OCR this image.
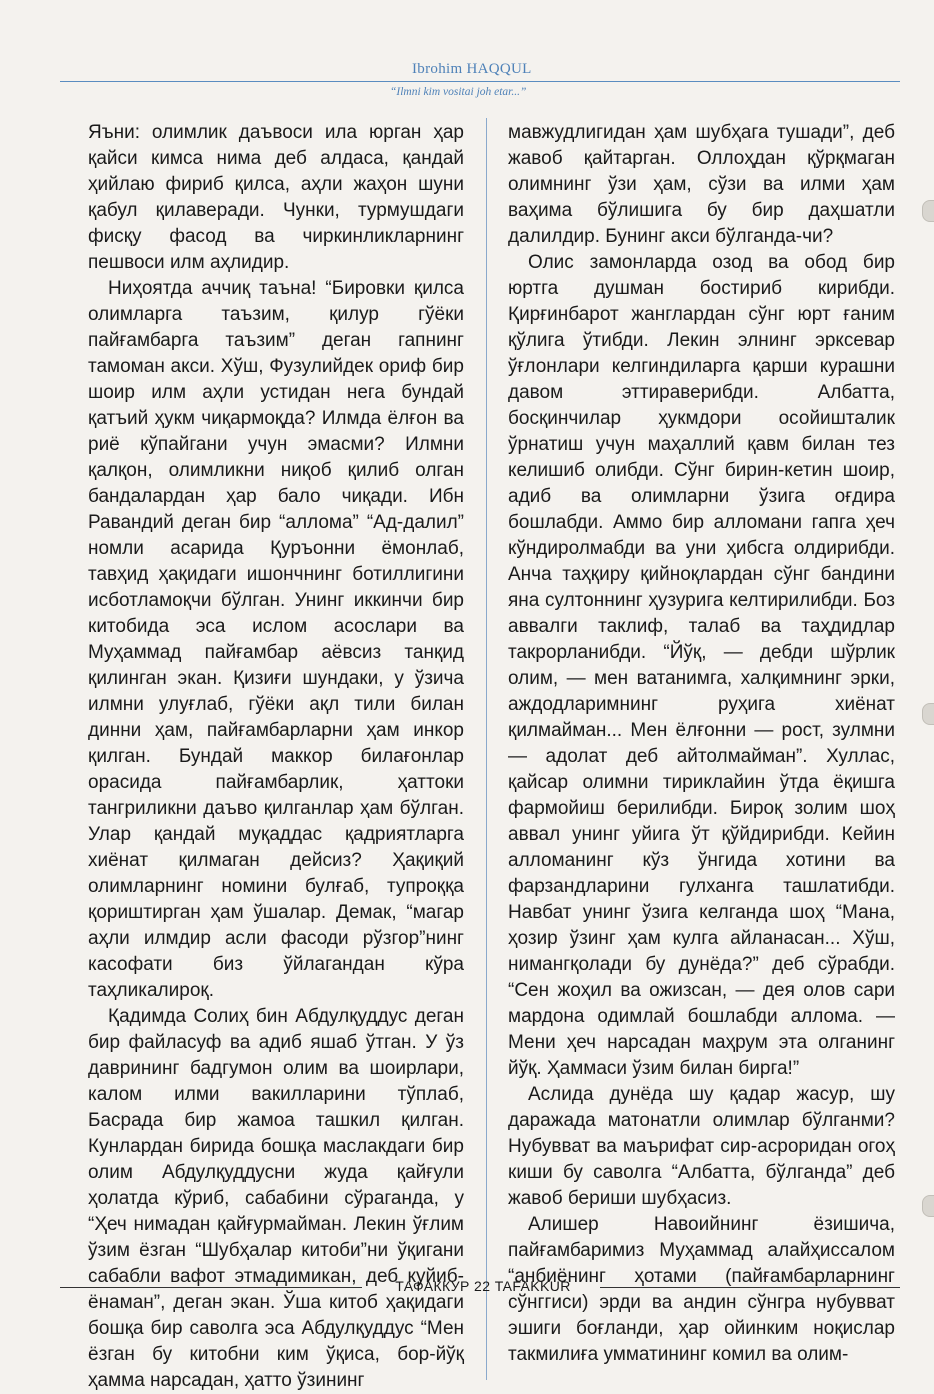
Ibrohim HAQQUL
“Ilmni kim vositai joh etar...”

Яъни: олимлик даъвоси ила юрган ҳар қайси кимса нима деб алдаса, қандай ҳийлаю фириб қилса, аҳли жаҳон шуни қабул қилаверади. Чунки, турмушдаги фисқу фасод ва чиркинликларнинг пешвоси илм аҳлидир.

Ниҳоятда аччиқ таъна! “Бировки қилса олимларга таъзим, қилур гўёки пайғамбарга таъзим” деган гапнинг тамоман акси. Хўш, Фузулийдек ориф бир шоир илм аҳли устидан нега бундай қатъий ҳукм чиқармоқда? Илмда ёлғон ва риё кўпайгани учун эмасми? Илмни қалқон, олимликни ниқоб қилиб олган бандалардан ҳар бало чиқади. Ибн Равандий деган бир “аллома” “Ад-далил” номли асарида Қуръонни ёмонлаб, тавҳид ҳақидаги ишончнинг ботиллигини исботламоқчи бўлган. Унинг иккинчи бир китобида эса ислом асослари ва Муҳаммад пайғамбар аёвсиз танқид қилинган экан. Қизиғи шундаки, у ўзича илмни улуғлаб, гўёки ақл тили билан динни ҳам, пайғамбарларни ҳам инкор қилган. Бундай маккор билағонлар орасида пайғамбарлик, ҳаттоки тангриликни даъво қилганлар ҳам бўлган. Улар қандай муқаддас қадриятларга хиёнат қилмаган дейсиз? Ҳақиқий олимларнинг номини булғаб, тупроққа қориштирган ҳам ўшалар. Демак, “магар аҳли илмдир асли фасоди рўзгор”нинг касофати биз ўйлагандан кўра таҳликалироқ.

Қадимда Солиҳ бин Абдулқуддус деган бир файласуф ва адиб яшаб ўтган. У ўз даврининг бадгумон олим ва шоирлари, калом илми вакилларини тўплаб, Басрада бир жамоа ташкил қилган. Кунлардан бирида бошқа маслакдаги бир олим Абдулқуддусни жуда қайғули ҳолатда кўриб, сабабини сўраганда, у “Ҳеч нимадан қайғурмайман. Лекин ўғлим ўзим ёзган “Шубҳалар китоби”ни ўқигани сабабли вафот этмадимикан, деб куйиб-ёнаман”, деган экан. Ўша китоб ҳақидаги бошқа бир саволга эса Абдулқуддус “Мен ёзган бу китобни ким ўқиса, бор-йўқ ҳамма нарсадан, ҳатто ўзининг

мавжудлигидан ҳам шубҳага тушади”, деб жавоб қайтарган. Оллоҳдан қўрқмаган олимнинг ўзи ҳам, сўзи ва илми ҳам ваҳима бўлишига бу бир даҳшатли далилдир. Бунинг акси бўлганда-чи?

Олис замонларда озод ва обод бир юртга душман бостириб кирибди. Қирғинбарот жанглардан сўнг юрт ғаним қўлига ўтибди. Лекин элнинг эрксевар ўғлонлари келгиндиларга қарши курашни давом эттираверибди. Албатта, босқинчилар ҳукмдори осойишталик ўрнатиш учун маҳаллий қавм билан тез келишиб олибди. Сўнг бирин-кетин шоир, адиб ва олимларни ўзига оғдира бошлабди. Аммо бир алломани гапга ҳеч кўндиролмабди ва уни ҳибсга олдирибди. Анча таҳқиру қийноқлардан сўнг бандини яна султоннинг ҳузурига келтирилибди. Боз аввалги таклиф, талаб ва таҳдидлар такрорланибди. “Йўқ, — дебди шўрлик олим, — мен ватанимга, халқимнинг эрки, аждодларимнинг руҳига хиёнат қилмайман... Мен ёлғонни — рост, зулмни — адолат деб айтолмайман”. Хуллас, қайсар олимни тириклайин ўтда ёқишга фармойиш берилибди. Бироқ золим шоҳ аввал унинг уйига ўт қўйдирибди. Кейин алломанинг кўз ўнгида хотини ва фарзандларини гулханга ташлатибди. Навбат унинг ўзига келганда шоҳ “Мана, ҳозир ўзинг ҳам кулга айланасан... Хўш, нимангқолади бу дунёда?” деб сўрабди. “Сен жоҳил ва ожизсан, — дея олов сари мардона одимлай бошлабди аллома. — Мени ҳеч нарсадан маҳрум эта олганинг йўқ. Ҳаммаси ўзим билан бирга!”

Аслида дунёда шу қадар жасур, шу даражада матонатли олимлар бўлганми? Нубувват ва маърифат сир-асроридан огоҳ киши бу саволга “Албатта, бўлганда” деб жавоб бериши шубҳасиз.

Алишер Навоийнинг ёзишича, пайғамбаримиз Муҳаммад алайҳиссалом “анбиёнинг ҳотами (пайғамбарларнинг сўнггиси) эрди ва андин сўнгра нубувват эшиги боғланди, ҳар ойинким ноқислар такмилиға умматининг комил ва олим-

ТАФАККУР 22 TAFAKKUR
